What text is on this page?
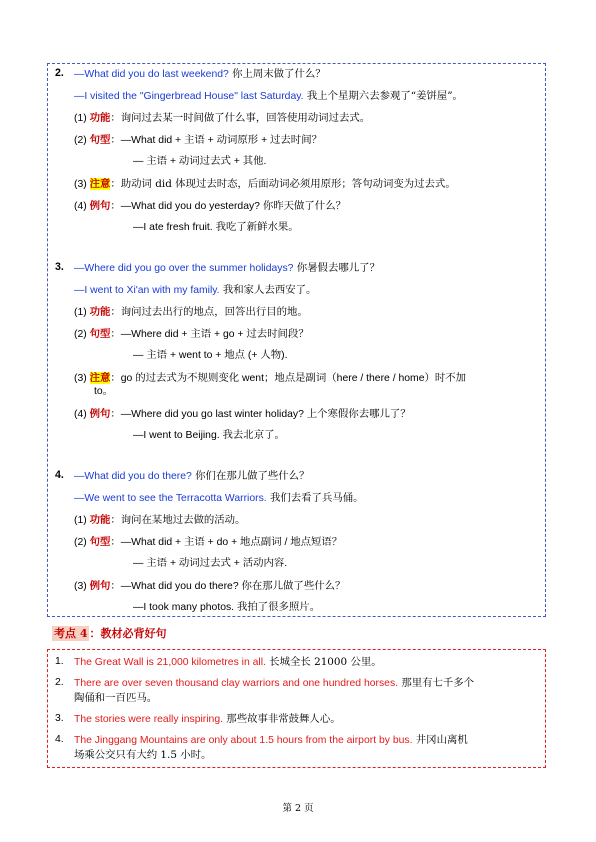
2. —What did you do last weekend? 你上周末做了什么？
—I visited the "Gingerbread House" last Saturday. 我上个星期六去参观了“姜饼屋”。
(1) 功能：询问过去某一时间做了什么事，回答使用动词过去式。
(2) 句型：—What did + 主语 + 动词原形 + 过去时间？
— 主语 + 动词过去式 + 其他.
(3) 注意：助动词 did 体现过去时态，后面动词必须用原形；答句动词变为过去式。
(4) 例句：—What did you do yesterday? 你昨天做了什么？
—I ate fresh fruit. 我吃了新鲜水果。
3. —Where did you go over the summer holidays? 你暑假去哪儿了？
—I went to Xi'an with my family. 我和家人去西安了。
(1) 功能：询问过去出行的地点，回答出行目的地。
(2) 句型：—Where did + 主语 + go + 过去时间段？
— 主语 + went to + 地点 (+ 人物).
(3) 注意：go 的过去式为不规则变化 went；地点是副词（here / there / home）时不加
to。
(4) 例句：—Where did you go last winter holiday? 上个寒假你去哪儿了？
—I went to Beijing. 我去北京了。
4. —What did you do there? 你们在那儿做了些什么？
—We went to see the Terracotta Warriors. 我们去看了兵马俑。
(1) 功能：询问在某地过去做的活动。
(2) 句型：—What did + 主语 + do + 地点副词 / 地点短语？
— 主语 + 动词过去式 + 活动内容.
(3) 例句：—What did you do there? 你在那儿做了些什么？
—I took many photos. 我拍了很多照片。
考点 4 ：教材必背好句
1. The Great Wall is 21,000 kilometres in all. 长城全长 21000 公里。
2. There are over seven thousand clay warriors and one hundred horses. 那里有七千多个
陶俑和一百匹马。
3. The stories were really inspiring. 那些故事非常鼓舞人心。
4. The Jinggang Mountains are only about 1.5 hours from the airport by bus. 井冈山离机
场乘公交只有大约 1.5 小时。
第 2 页
